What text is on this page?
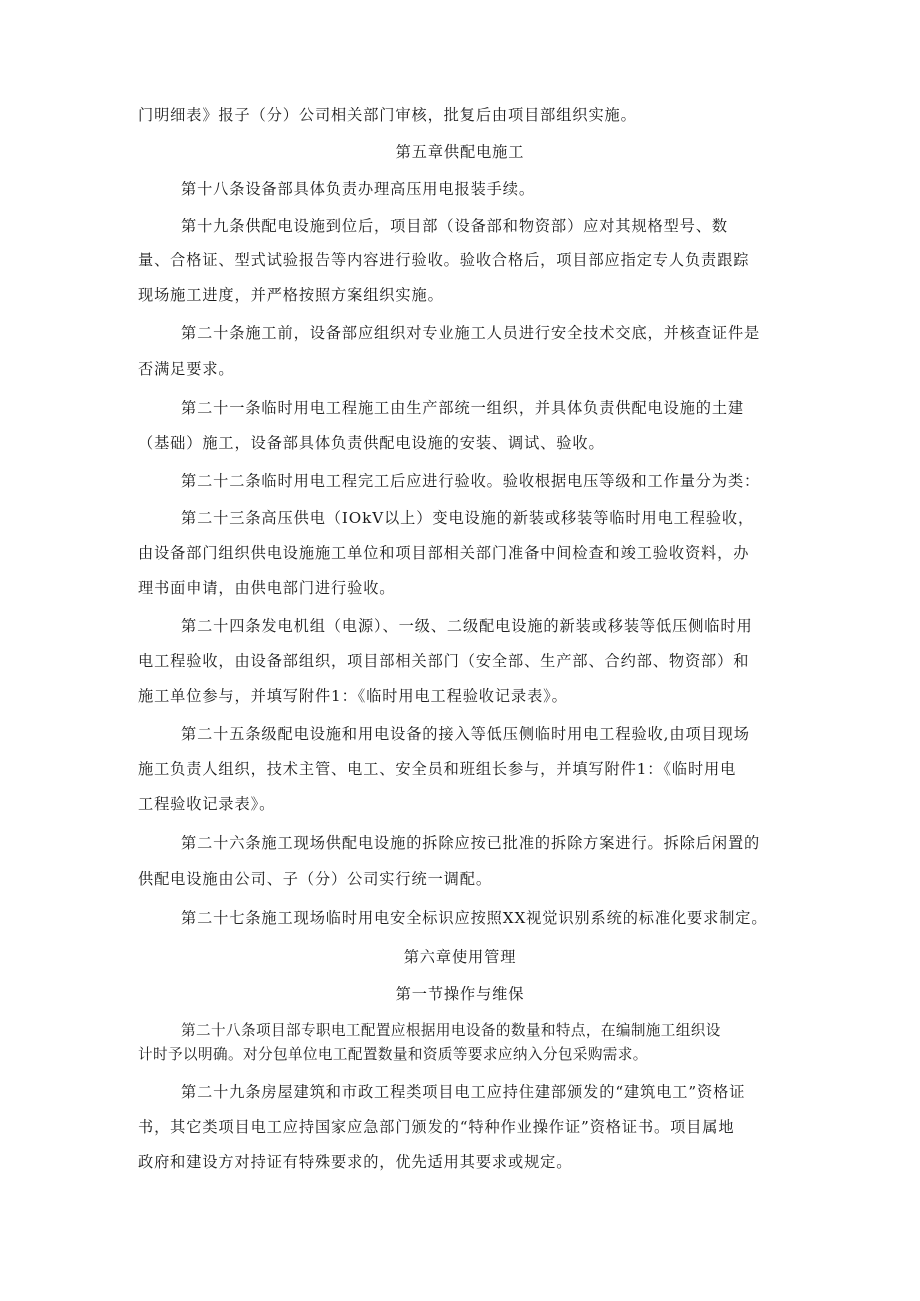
门明细表》报子（分）公司相关部门审核，批复后由项目部组织实施。
第五章供配电施工
第十八条设备部具体负责办理高压用电报装手续。
第十九条供配电设施到位后，项目部（设备部和物资部）应对其规格型号、数
量、合格证、型式试验报告等内容进行验收。验收合格后，项目部应指定专人负责跟踪
现场施工进度，并严格按照方案组织实施。
第二十条施工前，设备部应组织对专业施工人员进行安全技术交底，并核查证件是
否满足要求。
第二十一条临时用电工程施工由生产部统一组织，并具体负责供配电设施的土建
（基础）施工，设备部具体负责供配电设施的安装、调试、验收。
第二十二条临时用电工程完工后应进行验收。验收根据电压等级和工作量分为类：
第二十三条高压供电（IOkV以上）变电设施的新装或移装等临时用电工程验收，
由设备部门组织供电设施施工单位和项目部相关部门准备中间检查和竣工验收资料，办
理书面申请，由供电部门进行验收。
第二十四条发电机组（电源）、一级、二级配电设施的新装或移装等低压侧临时用
电工程验收，由设备部组织，项目部相关部门（安全部、生产部、合约部、物资部）和
施工单位参与，并填写附件1：《临时用电工程验收记录表》。
第二十五条级配电设施和用电设备的接入等低压侧临时用电工程验收,由项目现场
施工负责人组织，技术主管、电工、安全员和班组长参与，并填写附件1：《临时用电
工程验收记录表》。
第二十六条施工现场供配电设施的拆除应按已批准的拆除方案进行。拆除后闲置的
供配电设施由公司、子（分）公司实行统一调配。
第二十七条施工现场临时用电安全标识应按照XX视觉识别系统的标准化要求制定。
第六章使用管理
第一节操作与维保
第二十八条项目部专职电工配置应根据用电设备的数量和特点，在编制施工组织设
计时予以明确。对分包单位电工配置数量和资质等要求应纳入分包采购需求。
第二十九条房屋建筑和市政工程类项目电工应持住建部颁发的“建筑电工”资格证
书，其它类项目电工应持国家应急部门颁发的“特种作业操作证”资格证书。项目属地
政府和建设方对持证有特殊要求的，优先适用其要求或规定。
